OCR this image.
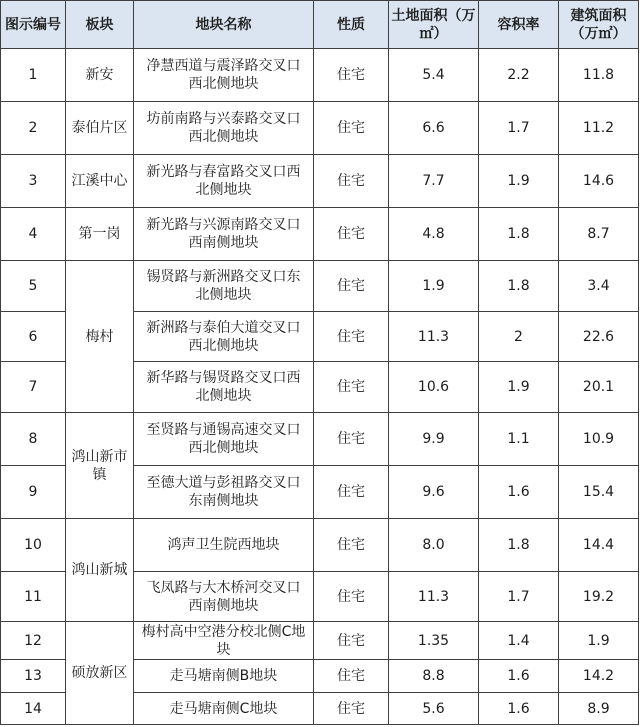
图示编号	板块	地块名称	性质	土地面积（万㎡）	容积率	建筑面积（万㎡）
1	新安	净慧西道与震泽路交叉口西北侧地块	住宅	5.4	2.2	11.8
2	泰伯片区	坊前南路与兴泰路交叉口西北侧地块	住宅	6.6	1.7	11.2
3	江溪中心	新光路与春富路交叉口西北侧地块	住宅	7.7	1.9	14.6
4	第一岗	新光路与兴源南路交叉口西南侧地块	住宅	4.8	1.8	8.7
5	梅村	锡贤路与新洲路交叉口东北侧地块	住宅	1.9	1.8	3.4
6		新洲路与泰伯大道交叉口西北侧地块	住宅	11.3	2	22.6
7		新华路与锡贤路交叉口西北侧地块	住宅	10.6	1.9	20.1
8	鸿山新市镇	至贤路与通锡高速交叉口西北侧地块	住宅	9.9	1.1	10.9
9		至德大道与彭祖路交叉口东南侧地块	住宅	9.6	1.6	15.4
10	鸿山新城	鸿声卫生院西地块	住宅	8.0	1.8	14.4
11		飞凤路与大木桥河交叉口西南侧地块	住宅	11.3	1.7	19.2
12	硕放新区	梅村高中空港分校北侧C地块	住宅	1.35	1.4	1.9
13		走马塘南侧B地块	住宅	8.8	1.6	14.2
14		走马塘南侧C地块	住宅	5.6	1.6	8.9
